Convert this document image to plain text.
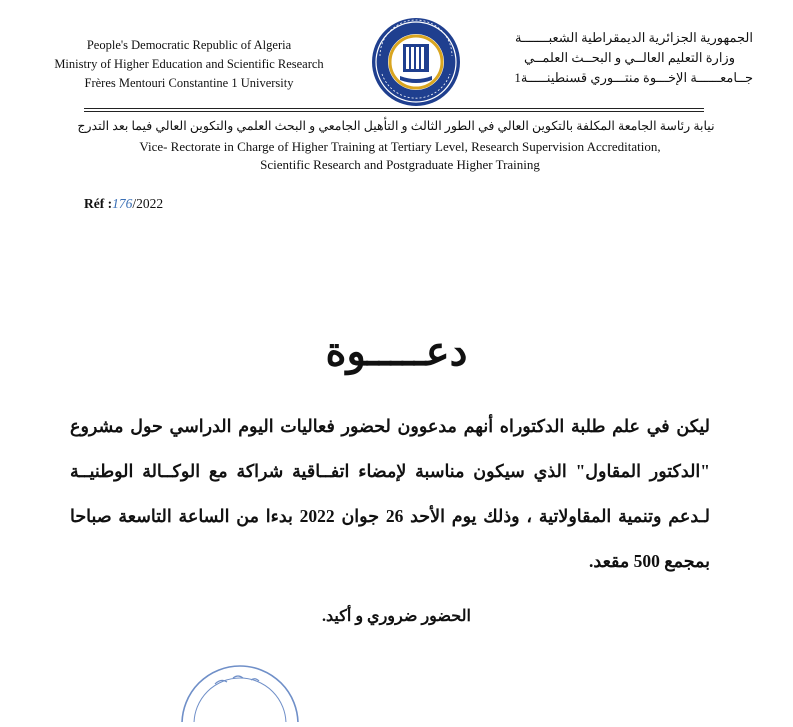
People's Democratic Republic of Algeria
Ministry of Higher Education and Scientific Research
Frères Mentouri Constantine 1 University
الجمهورية الجزائرية الديمقراطية الشعبـــــــة
وزارة التعليم العالــي و البحــث العلمــي
جــامعــــــة الإخـــوة منتـــوري قسنطينـــــة1
نيابة رئاسة الجامعة المكلفة بالتكوين العالي في الطور الثالث و التأهيل الجامعي و البحث العلمي والتكوين العالي فيما بعد التدرج
Vice- Rectorate in Charge of Higher Training at Tertiary Level, Research Supervision Accreditation,
Scientific Research and Postgraduate Higher Training
Réf :176/2022
دعـــــوة
ليكن في علم طلبة الدكتوراه أنهم مدعوون لحضور فعاليات اليوم الدراسي حول مشروع "الدكتور المقاول" الذي سيكون مناسبة لإمضاء اتفــاقية شراكة مع الوكــالة الوطنيــة لـدعم وتنمية المقاولاتية ، وذلك يوم الأحد 26 جوان 2022 بدءا من الساعة التاسعة صباحا بمجمع 500 مقعد.
الحضور ضروري و أكيد.
